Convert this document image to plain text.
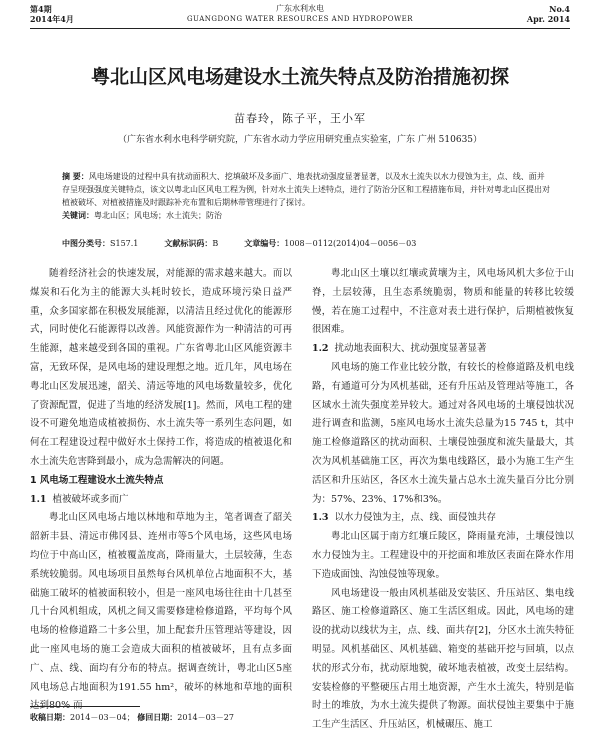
第4期
2014年4月
广东水利水电
GUANGDONG WATER RESOURCES AND HYDROPOWER
No.4
Apr. 2014
粤北山区风电场建设水土流失特点及防治措施初探
苗春玲，陈子平，王小军
（广东省水利水电科学研究院，广东省水动力学应用研究重点实验室，广东 广州 510635）
摘 要：风电场建设的过程中具有扰动面积大、挖填破坏及多面广、地表扰动强度显著显著，以及水土流失以水力侵蚀为主，点、线、面并存呈现强强度关键特点，该文以粤北山区风电工程为例，针对水土流失上述特点，进行了防治分区和工程措施布局，并针对粤北山区提出对植被破坏、对植被措施及时跟踪补充布置和后期林带管理进行了探讨。
关键词：粤北山区；风电场；水土流失；防治
中图分类号：S157.1	文献标识码：B	文章编号：1008－0112(2014)04－0056－03

随着经济社会的快速发展，对能源的需求越来越大。而以煤炭和石化为主的能源大头耗时较长，造成环境污染日益严重，众多国家都在积极发展能源，以清洁且经过优化的能源形式，同时使化石能源得以改善。风能资源作为一种清洁的可再生能源，越来越受到各国的重视。广东省粤北山区风能资源丰富，无致环保，是风电场的建设理想之地。近几年，风电场在粤北山区发展迅速，韶关、清远等地的风电场数量较多，优化了资源配置，促进了当地的经济发展[1]。然而，风电工程的建设不可避免地造成植被损伤、水土流失等一系列生态问题，如何在工程建设过程中做好水土保持工作，将造成的植被退化和水土流失危害降到最小，成为急需解决的问题。

1 风电场工程建设水土流失特点
1.1 植被破坏或多而广

粤北山区风电场占地以林地和草地为主，笔者调查了韶关韶新丰县、清远市佛冈县、连州市等5个风电场，这些风电场均位于中高山区，植被覆盖度高，降雨量大，土层较薄，生态系统较脆弱。风电场项目虽然每台风机单位占地面积不大，基础施工破坏的植被面积较小，但是一座风电场往往由十几甚至几十台风机组成，风机之间又需要修建检修道路，平均每个风电场的检修道路二十多公里，加上配套升压管理站等建设，因此一座风电场的施工会造成大面积的植被破坏，且有点多面广、点、线、面均有分布的特点。据调查统计，粤北山区5座风电场总占地面积为191.55 hm²，破坏的林地和草地的面积达到80% 而

粤北山区土壤以红壤或黄壤为主，风电场风机大多位于山脊，土层较薄，且生态系统脆弱，物质和能量的转移比较缓慢，若在施工过程中，不注意对表土进行保护，后期植被恢复很困难。

1.2 扰动地表面积大、扰动强度显著显著

风电场的施工作业比较分散，有较长的检修道路及机电线路，有通道可分为风机基础，还有升压站及管理站等施工，各区域水土流失强度差异较大。通过对各风电场的土壤侵蚀状况进行调查和监测，5座风电场水土流失总量为15 745 t，其中施工检修道路区的扰动面积、土壤侵蚀强度和流失量最大，其次为风机基础施工区，再次为集电线路区，最小为施工生产生活区和升压站区，各区水土流失量占总水土流失量百分比分别为：57%、23%、17%和3%。

1.3 以水力侵蚀为主，点、线、面侵蚀共存

粤北山区属于南方红壤丘陵区，降雨量充沛，土壤侵蚀以水力侵蚀为主。工程建设中的开挖面和堆放区表面在降水作用下造成面蚀、沟蚀侵蚀等现象。

风电场建设一般由风机基础及安装区、升压站区、集电线路区、施工检修道路区、施工生活区组成。因此，风电场的建设的扰动以线状为主，点、线、面共存[2]，分区水土流失特征明显。风机基础区、风机基础、箱变的基础开挖与回填，以点状的形式分布，扰动原地貌，破坏地表植被，改变土层结构。安装检修的平整硬压占用土地资源，产生水土流失，特别是临时土的堆放，为水土流失提供了物源。面状侵蚀主要集中于施工生产生活区、升压站区，机械碾压、施工

收稿日期：2014－03－04； 修回日期：2014－03－27
